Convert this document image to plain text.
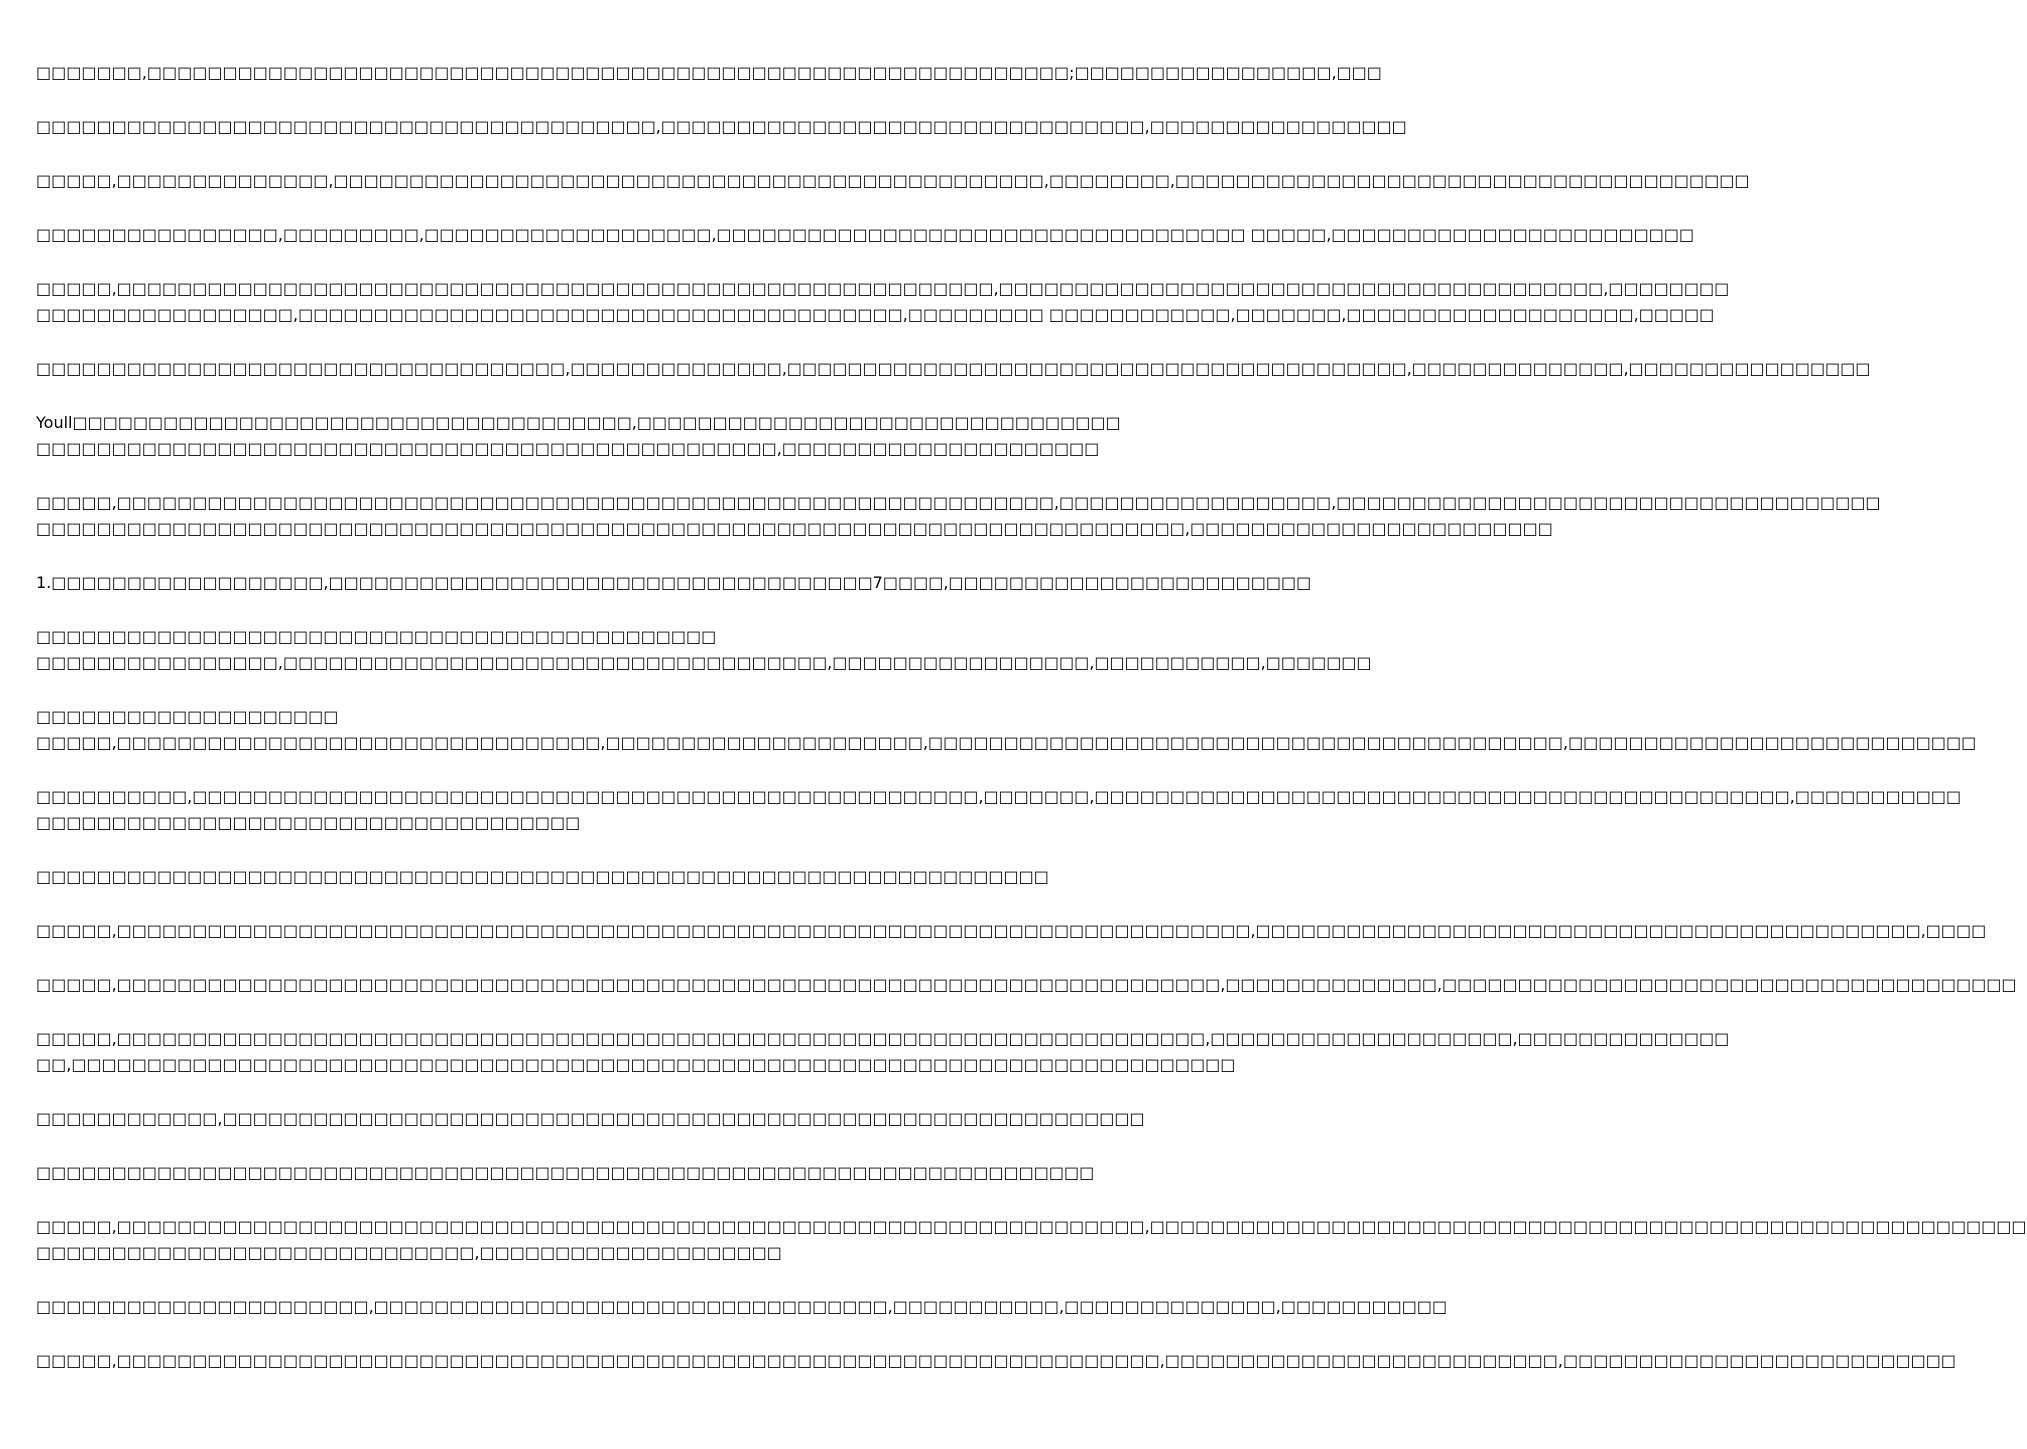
□□□□□□□,□□□□□□□□□□□□□□□□□□□□□□□□□□□□□□□□□□□□□□□□□□□□□□□□□□□□□□□□□□□□□;□□□□□□□□□□□□□□□□□,□□□
□□□□□□□□□□□□□□□□□□□□□□□□□□□□□□□□□□□□□□□□□,□□□□□□□□□□□□□□□□□□□□□□□□□□□□□□□□,□□□□□□□□□□□□□□□□□
□□□□□,□□□□□□□□□□□□□□,□□□□□□□□□□□□□□□□□□□□□□□□□□□□□□□□□□□□□□□□□□□□□□□,□□□□□□□□,□□□□□□□□□□□□□□□□□□□□□□□□□□□□□□□□□□□□□□
□□□□□□□□□□□□□□□□,□□□□□□□□□,□□□□□□□□□□□□□□□□□□□,□□□□□□□□□□□□□□□□□□□□□□□□□□□□□□□□□□□ □□□□□,□□□□□□□□□□□□□□□□□□□□□□□□
□□□□□,□□□□□□□□□□□□□□□□□□□□□□□□□□□□□□□□□□□□□□□□□□□□□□□□□□□□□□□□□□,□□□□□□□□□□□□□□□□□□□□□□□□□□□□□□□□□□□□□□□□,□□□□□□□□
□□□□□□□□□□□□□□□□□,□□□□□□□□□□□□□□□□□□□□□□□□□□□□□□□□□□□□□□□□,□□□□□□□□□ □□□□□□□□□□□□,□□□□□□□,□□□□□□□□□□□□□□□□□□□,□□□□□
□□□□□□□□□□□□□□□□□□□□□□□□□□□□□□□□□□□,□□□□□□□□□□□□□□,□□□□□□□□□□□□□□□□□□□□□□□□□□□□□□□□□□□□□□□□□,□□□□□□□□□□□□□□,□□□□□□□□□□□□□□□□
Youll□□□□□□□□□□□□□□□□□□□□□□□□□□□□□□□□□□□□□,□□□□□□□□□□□□□□□□□□□□□□□□□□□□□□□□
□□□□□□□□□□□□□□□□□□□□□□□□□□□□□□□□□□□□□□□□□□□□□□□□□,□□□□□□□□□□□□□□□□□□□□□
□□□□□,□□□□□□□□□□□□□□□□□□□□□□□□□□□□□□□□□□□□□□□□□□□□□□□□□□□□□□□□□□□□□□,□□□□□□□□□□□□□□□□□□,□□□□□□□□□□□□□□□□□□□□□□□□□□□□□□□□□□□□
□□□□□□□□□□□□□□□□□□□□□□□□□□□□□□□□□□□□□□□□□□□□□□□□□□□□□□□□□□□□□□□□□□□□□□□□□□□□,□□□□□□□□□□□□□□□□□□□□□□□□
1.□□□□□□□□□□□□□□□□□□,□□□□□□□□□□□□□□□□□□□□□□□□□□□□□□□□□□□□7□□□□,□□□□□□□□□□□□□□□□□□□□□□□□
□□□□□□□□□□□□□□□□□□□□□□□□□□□□□□□□□□□□□□□□□□□□□
□□□□□□□□□□□□□□□□,□□□□□□□□□□□□□□□□□□□□□□□□□□□□□□□□□□□□,□□□□□□□□□□□□□□□□□,□□□□□□□□□□□,□□□□□□□
□□□□□□□□□□□□□□□□□□□□
□□□□□,□□□□□□□□□□□□□□□□□□□□□□□□□□□□□□□□,□□□□□□□□□□□□□□□□□□□□□,□□□□□□□□□□□□□□□□□□□□□□□□□□□□□□□□□□□□□□□□□□,□□□□□□□□□□□□□□□□□□□□□□□□□□□
□□□□□□□□□□,□□□□□□□□□□□□□□□□□□□□□□□□□□□□□□□□□□□□□□□□□□□□□□□□□□□□,□□□□□□□,□□□□□□□□□□□□□□□□□□□□□□□□□□□□□□□□□□□□□□□□□□□□□□,□□□□□□□□□□□
□□□□□□□□□□□□□□□□□□□□□□□□□□□□□□□□□□□□
□□□□□□□□□□□□□□□□□□□□□□□□□□□□□□□□□□□□□□□□□□□□□□□□□□□□□□□□□□□□□□□□□□□
□□□□□,□□□□□□□□□□□□□□□□□□□□□□□□□□□□□□□□□□□□□□□□□□□□□□□□□□□□□□□□□□□□□□□□□□□□□□□□□□□,□□□□□□□□□□□□□□□□□□□□□□□□□□□□□□□□□□□□□□□□□□□□,□□□□
□□□□□,□□□□□□□□□□□□□□□□□□□□□□□□□□□□□□□□□□□□□□□□□□□□□□□□□□□□□□□□□□□□□□□□□□□□□□□□□,□□□□□□□□□□□□□□,□□□□□□□□□□□□□□□□□□□□□□□□□□□□□□□□□□□□□□
□□□□□,□□□□□□□□□□□□□□□□□□□□□□□□□□□□□□□□□□□□□□□□□□□□□□□□□□□□□□□□□□□□□□□□□□□□□□□□,□□□□□□□□□□□□□□□□□□□□,□□□□□□□□□□□□□□
□□,□□□□□□□□□□□□□□□□□□□□□□□□□□□□□□□□□□□□□□□□□□□□□□□□□□□□□□□□□□□□□□□□□□□□□□□□□□□□□
□□□□□□□□□□□□,□□□□□□□□□□□□□□□□□□□□□□□□□□□□□□□□□□□□□□□□□□□□□□□□□□□□□□□□□□□□□
□□□□□□□□□□□□□□□□□□□□□□□□□□□□□□□□□□□□□□□□□□□□□□□□□□□□□□□□□□□□□□□□□□□□□□
□□□□□,□□□□□□□□□□□□□□□□□□□□□□□□□□□□□□□□□□□□□□□□□□□□□□□□□□□□□□□□□□□□□□□□□□□□,□□□□□□□□□□□□□□□□□□□□□□□□□□□□□□□□□□□□□□□□□□□□□□□□□□□□□□□□□□
□□□□□□□□□□□□□□□□□□□□□□□□□□□□□,□□□□□□□□□□□□□□□□□□□□
□□□□□□□□□□□□□□□□□□□□□□,□□□□□□□□□□□□□□□□□□□□□□□□□□□□□□□□□□,□□□□□□□□□□□,□□□□□□□□□□□□□□,□□□□□□□□□□□
□□□□□,□□□□□□□□□□□□□□□□□□□□□□□□□□□□□□□□□□□□□□□□□□□□□□□□□□□□□□□□□□□□□□□□□□□□□,□□□□□□□□□□□□□□□□□□□□□□□□□□,□□□□□□□□□□□□□□□□□□□□□□□□□□
